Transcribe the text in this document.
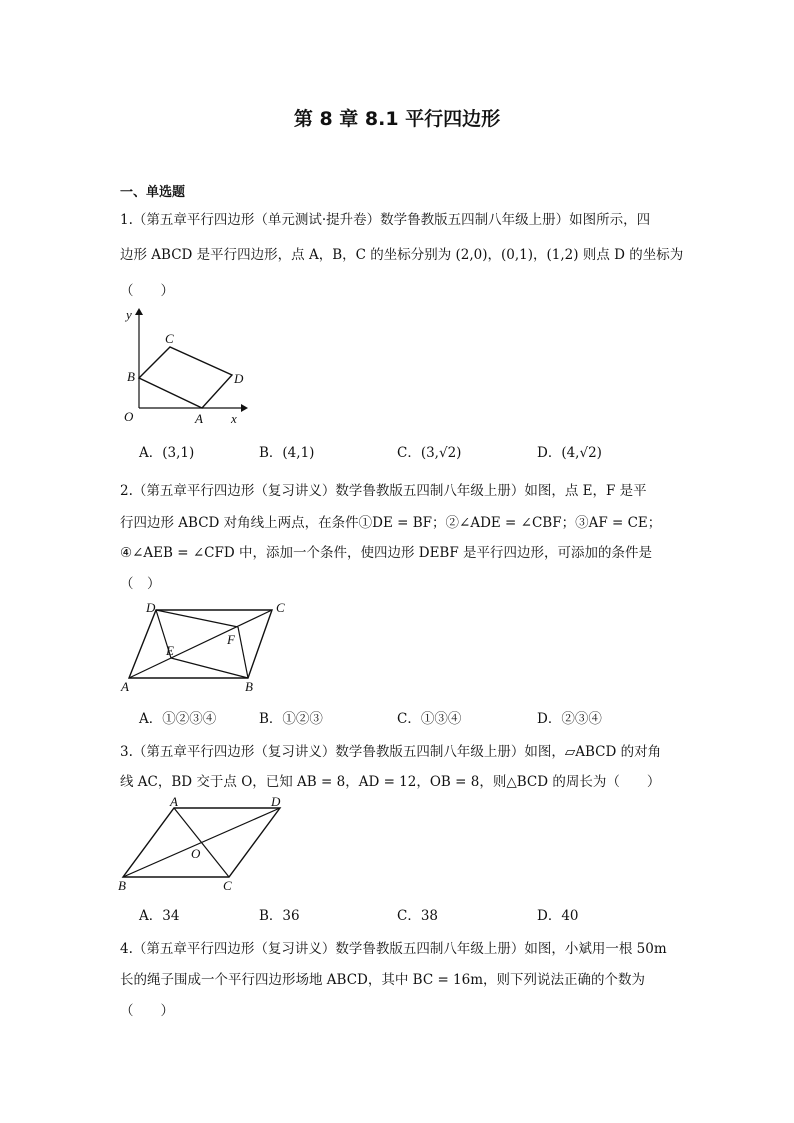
第 8 章 8.1 平行四边形
一、单选题
1.（第五章平行四边形（单元测试·提升卷）数学鲁教版五四制八年级上册）如图所示，四
边形 ABCD 是平行四边形，点 A，B，C 的坐标分别为 (2,0)，(0,1)，(1,2) 则点 D 的坐标为
（　　）
y
x
O	A
B
C
D
A．(3,1)	B．(4,1)	C．(3,√2)	D．(4,√2)
2.（第五章平行四边形（复习讲义）数学鲁教版五四制八年级上册）如图，点 E，F 是平
行四边形 ABCD 对角线上两点，在条件①DE = BF；②∠ADE = ∠CBF；③AF = CE；
④∠AEB = ∠CFD 中，添加一个条件，使四边形 DEBF 是平行四边形，可添加的条件是
（　）
A	B
C
D
E
F
A．①②③④	B．①②③	C．①③④	D．②③④
3.（第五章平行四边形（复习讲义）数学鲁教版五四制八年级上册）如图，▱ABCD 的对角
线 AC，BD 交于点 O，已知 AB = 8，AD = 12，OB = 8，则△BCD 的周长为（　　）
A
B	C
D
O
A．34	B．36	C．38	D．40
4.（第五章平行四边形（复习讲义）数学鲁教版五四制八年级上册）如图，小斌用一根 50m
长的绳子围成一个平行四边形场地 ABCD，其中 BC = 16m，则下列说法正确的个数为
（　　）
